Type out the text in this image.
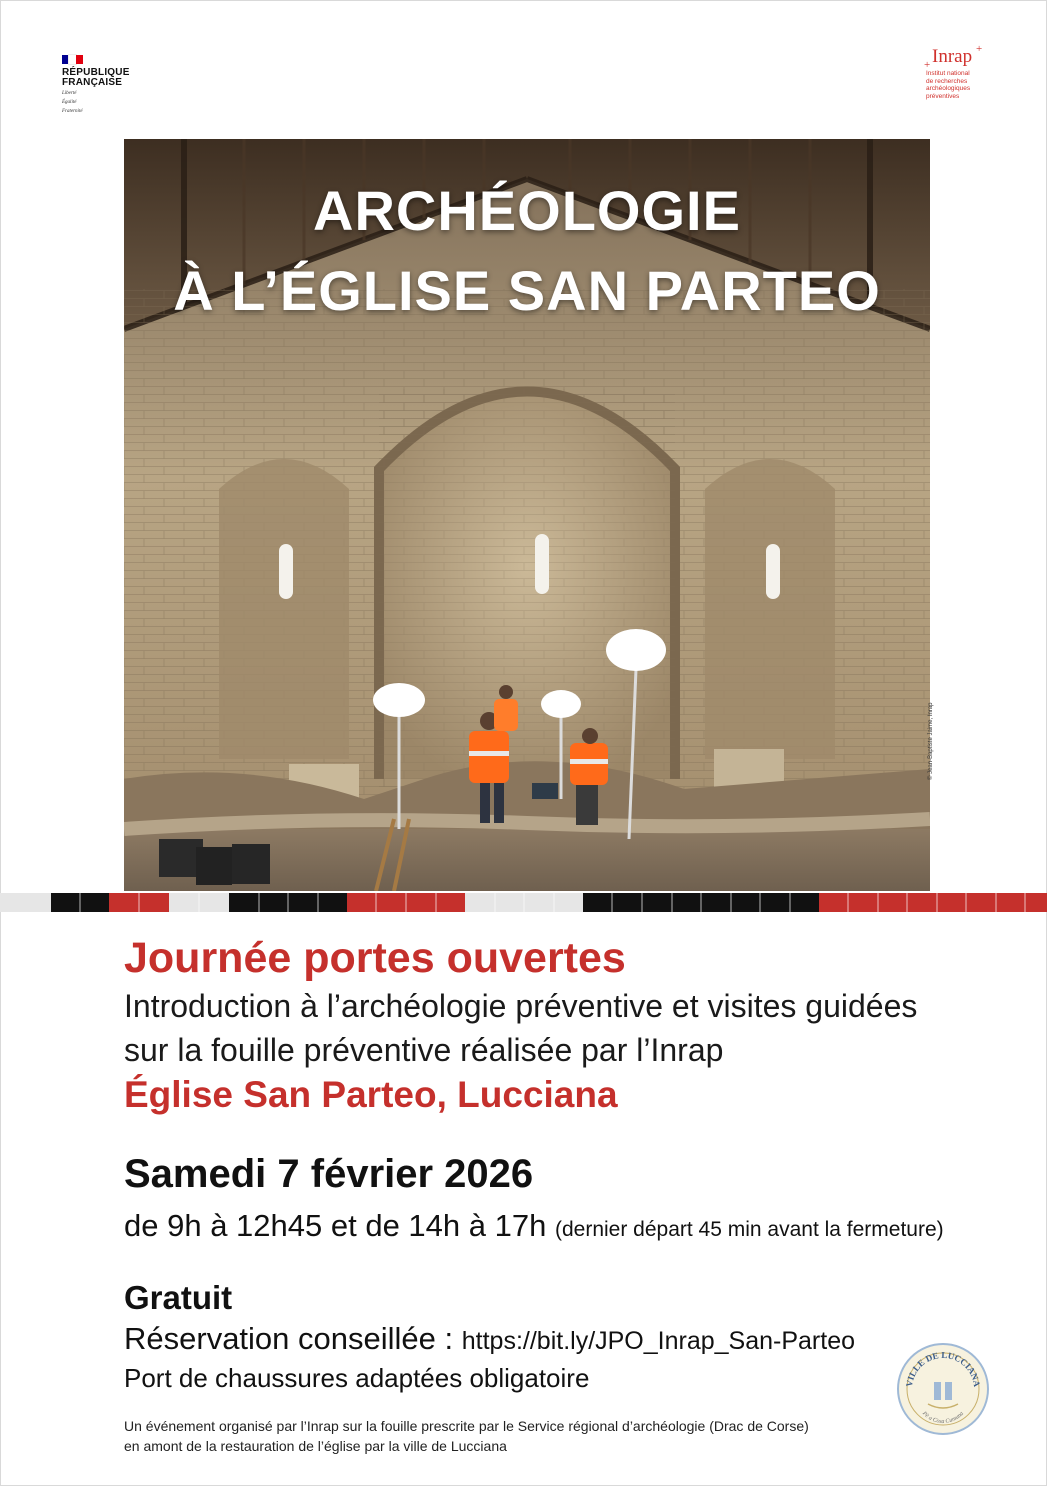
RÉPUBLIQUE
FRANÇAISE
Liberté
Égalité
Fraternité
+
+ Inrap
Institut national
de recherches
archéologiques
préventives
ARCHÉOLOGIE
À L’ÉGLISE SAN PARTEO
© Jean-Baptiste Jaime, Inrap
Journée portes ouvertes
Introduction à l’archéologie préventive et visites guidées
sur la fouille préventive réalisée par l’Inrap
Église San Parteo, Lucciana
Samedi 7 février 2026
de 9h à 12h45 et de 14h à 17h (dernier départ 45 min avant la fermeture)
Gratuit
Réservation conseillée : https://bit.ly/JPO_Inrap_San-Parteo
Port de chaussures adaptées obligatoire
Un événement organisé par l’Inrap sur la fouille prescrite par le Service régional d’archéologie (Drac de Corse)
en amont de la restauration de l’église par la ville de Lucciana
VILLE DE LUCCIANA
Pè a Cosa Cumuna
